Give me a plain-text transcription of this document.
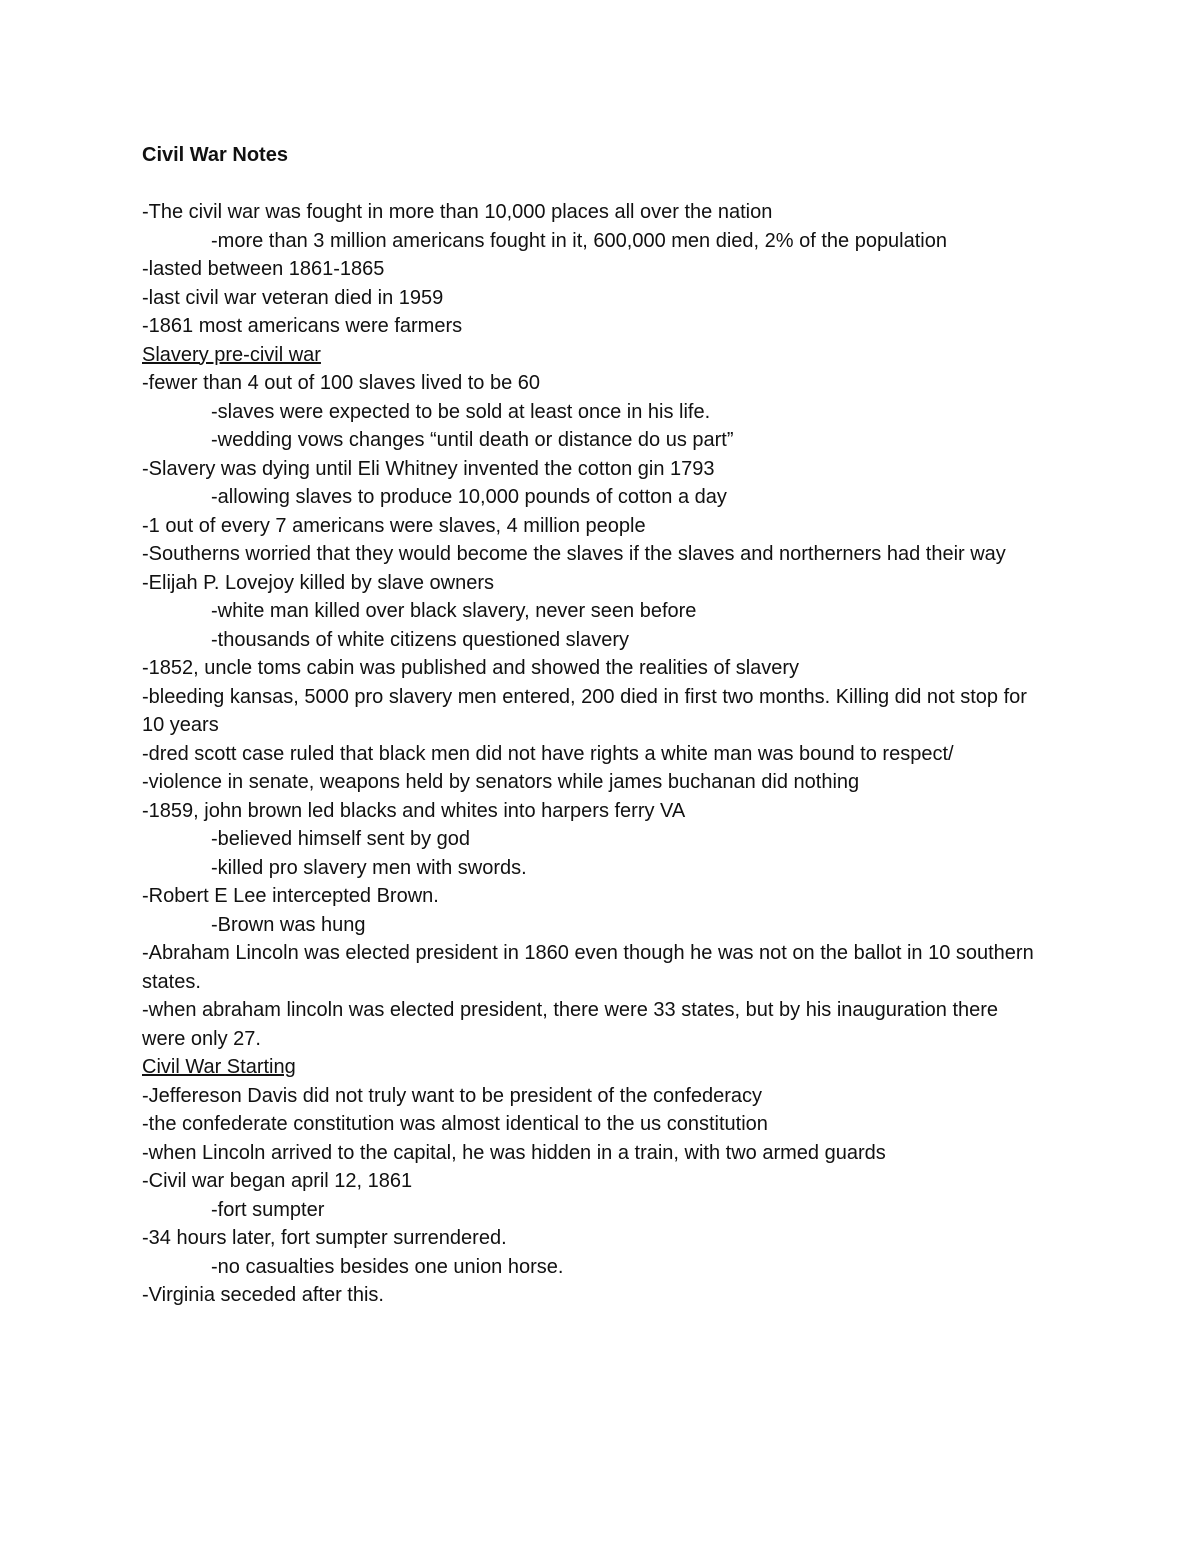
Civil War Notes
-The civil war was fought in more than 10,000 places all over the nation
-more than 3 million americans fought in it, 600,000 men died, 2% of the population
-lasted between 1861-1865
-last civil war veteran died in 1959
-1861 most americans were farmers
Slavery pre-civil war
-fewer than 4 out of 100 slaves lived to be 60
-slaves were expected to be sold at least once in his life.
-wedding vows changes “until death or distance do us part”
-Slavery was dying until Eli Whitney invented the cotton gin 1793
-allowing slaves to produce 10,000 pounds of cotton a day
-1 out of every 7 americans were slaves, 4 million people
-Southerns worried that they would become the slaves if the slaves and northerners had their way
-Elijah P. Lovejoy killed by slave owners
-white man killed over black slavery, never seen before
-thousands of white citizens questioned slavery
-1852, uncle toms cabin was published and showed the realities of slavery
-bleeding kansas, 5000 pro slavery men entered, 200 died in first two months. Killing did not stop for 10 years
-dred scott case ruled that black men did not have rights a white man was bound to respect/
-violence in senate, weapons held by senators while james buchanan did nothing
-1859, john brown led blacks and whites into harpers ferry VA
-believed himself sent by god
-killed pro slavery men with swords.
-Robert E Lee intercepted Brown.
-Brown was hung
-Abraham Lincoln was elected president in 1860 even though he was not on the ballot in 10 southern states.
-when abraham lincoln was elected president, there were 33 states, but by his inauguration there were only 27.
Civil War Starting
-Jeffereson Davis did not truly want to be president of the confederacy
-the confederate constitution was almost identical to the us constitution
-when Lincoln arrived to the capital, he was hidden in a train, with two armed guards
-Civil war began april 12, 1861
-fort sumpter
-34 hours later, fort sumpter surrendered.
-no casualties besides one union horse.
-Virginia seceded after this.
